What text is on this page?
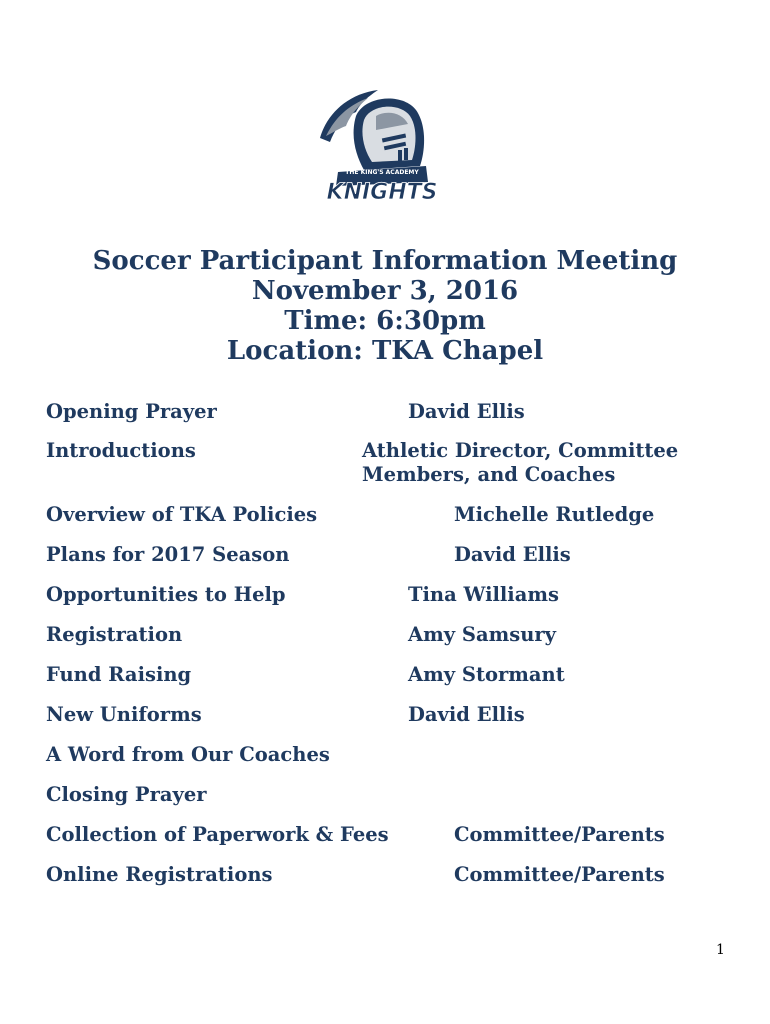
THE KING'S ACADEMY
KNIGHTS
Soccer Participant Information Meeting
November 3, 2016
Time: 6:30pm
Location: TKA Chapel
Opening Prayer	David Ellis
Introductions	Athletic Director, Committee
Members, and Coaches
Overview of TKA Policies	Michelle Rutledge
Plans for 2017 Season	David Ellis
Opportunities to Help	Tina Williams
Registration	Amy Samsury
Fund Raising	Amy Stormant
New Uniforms	David Ellis
A Word from Our Coaches
Closing Prayer
Collection of Paperwork & Fees	Committee/Parents
Online Registrations	Committee/Parents
1
